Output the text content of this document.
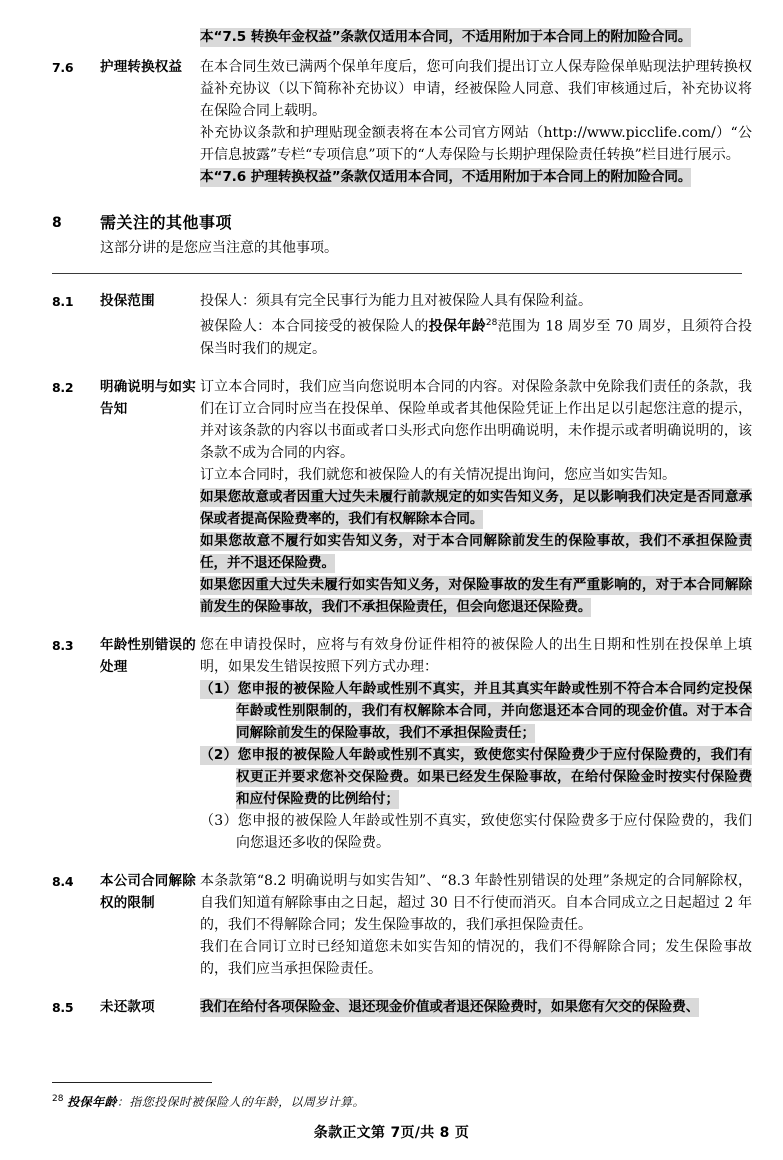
本“7.5 转换年金权益”条款仅适用本合同，不适用附加于本合同上的附加险合同。

7.6	护理转换权益	在本合同生效已满两个保单年度后，您可向我们提出订立人保寿险保单贴现法护理转换权益补充协议（以下简称补充协议）申请，经被保险人同意、我们审核通过后，补充协议将在保险合同上载明。

补充协议条款和护理贴现金额表将在本公司官方网站（http://www.picclife.com/）“公开信息披露”专栏“专项信息”项下的“人寿保险与长期护理保险责任转换”栏目进行展示。

本“7.6 护理转换权益”条款仅适用本合同，不适用附加于本合同上的附加险合同。

8	需关注的其他事项
这部分讲的是您应当注意的其他事项。
8.1	投保范围	投保人：须具有完全民事行为能力且对被保险人具有保险利益。

被保险人：本合同接受的被保险人的投保年龄$^{28}$范围为 18 周岁至 70 周岁，且须符合投保当时我们的规定。

8.2	明确说明与如实告知

订立本合同时，我们应当向您说明本合同的内容。对保险条款中免除我们责任的条款，我们在订立合同时应当在投保单、保险单或者其他保险凭证上作出足以引起您注意的提示，并对该条款的内容以书面或者口头形式向您作出明确说明，未作提示或者明确说明的，该条款不成为合同的内容。

订立本合同时，我们就您和被保险人的有关情况提出询问，您应当如实告知。

如果您故意或者因重大过失未履行前款规定的如实告知义务，足以影响我们决定是否同意承保或者提高保险费率的，我们有权解除本合同。

如果您故意不履行如实告知义务，对于本合同解除前发生的保险事故，我们不承担保险责任，并不退还保险费。

如果您因重大过失未履行如实告知义务，对保险事故的发生有严重影响的，对于本合同解除前发生的保险事故，我们不承担保险责任，但会向您退还保险费。

8.3	年龄性别错误的处理

您在申请投保时，应将与有效身份证件相符的被保险人的出生日期和性别在投保单上填明，如果发生错误按照下列方式办理：

（1）您申报的被保险人年龄或性别不真实，并且其真实年龄或性别不符合本合同约定投保年龄或性别限制的，我们有权解除本合同，并向您退还本合同的现金价值。对于本合同解除前发生的保险事故，我们不承担保险责任；

（2）您申报的被保险人年龄或性别不真实，致使您实付保险费少于应付保险费的，我们有权更正并要求您补交保险费。如果已经发生保险事故，在给付保险金时按实付保险费和应付保险费的比例给付；

（3）您申报的被保险人年龄或性别不真实，致使您实付保险费多于应付保险费的，我们向您退还多收的保险费。

8.4	本公司合同解除权的限制

本条款第“8.2 明确说明与如实告知”、“8.3 年龄性别错误的处理”条规定的合同解除权，自我们知道有解除事由之日起，超过 30 日不行使而消灭。自本合同成立之日起超过 2 年的，我们不得解除合同；发生保险事故的，我们承担保险责任。

我们在合同订立时已经知道您未如实告知的情况的，我们不得解除合同；发生保险事故的，我们应当承担保险责任。

8.5	未还款项	我们在给付各项保险金、退还现金价值或者退还保险费时，如果您有欠交的保险费、

$^{28}$ 投保年龄：指您投保时被保险人的年龄，以周岁计算。
条款正文第 7页/共 8 页
